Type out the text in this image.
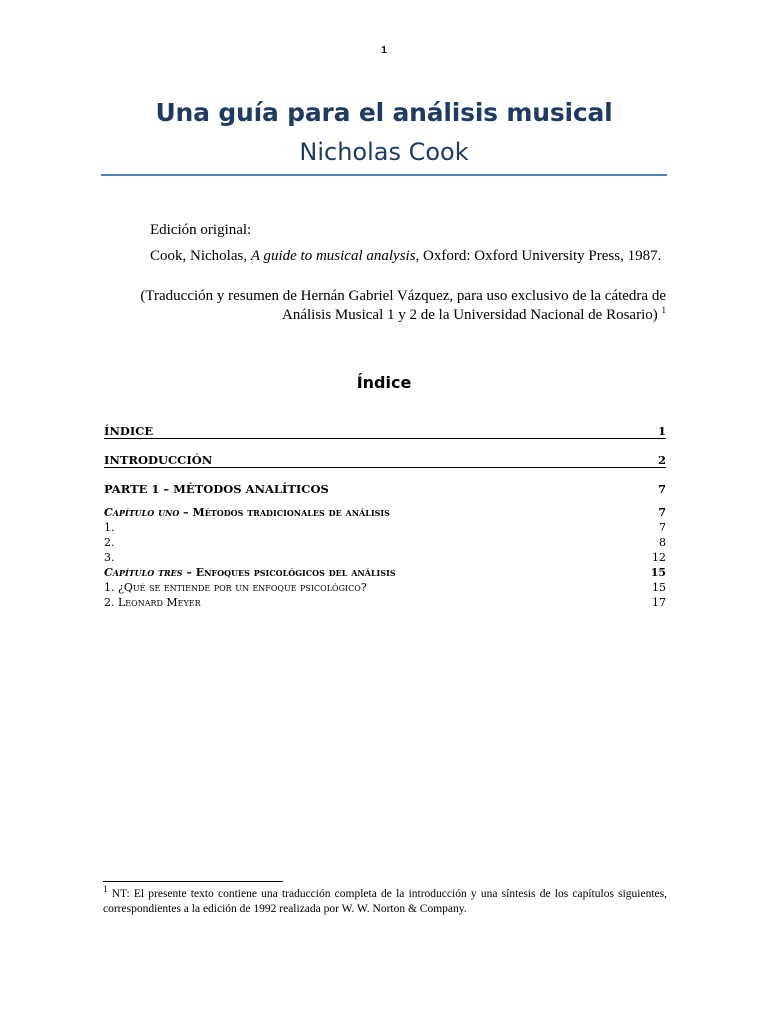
1
Una guía para el análisis musical
Nicholas Cook
Edición original:
Cook, Nicholas, A guide to musical analysis, Oxford: Oxford University Press, 1987.
(Traducción y resumen de Hernán Gabriel Vázquez, para uso exclusivo de la cátedra de
Análisis Musical 1 y 2 de la Universidad Nacional de Rosario) $^1$
Índice
ÍNDICE	1
INTRODUCCIÓN	2
PARTE 1 – MÉTODOS ANALÍTICOS	7
Capítulo uno – Métodos tradicionales de análisis	7
1.	7
2.	8
3.	12
Capítulo tres – Enfoques psicológicos del análisis	15
1. ¿Qué se entiende por un enfoque psicológico?	15
2. Leonard Meyer	17
$^1$ NT: El presente texto contiene una traducción completa de la introducción y una síntesis de los capítulos siguientes, correspondientes a la edición de 1992 realizada por W. W. Norton & Company.
